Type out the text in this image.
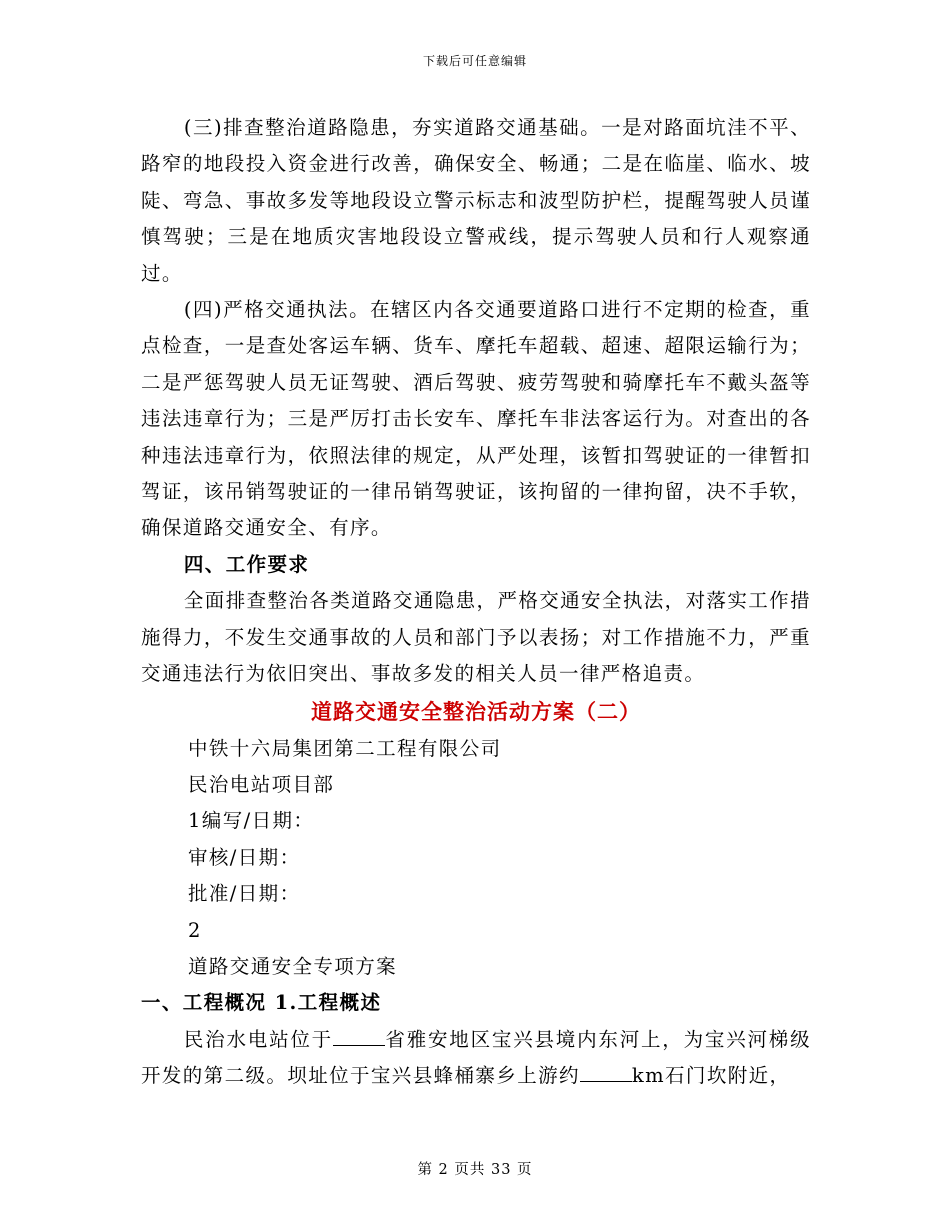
下载后可任意编辑

(三)排查整治道路隐患，夯实道路交通基础。一是对路面坑洼不平、路窄的地段投入资金进行改善，确保安全、畅通；二是在临崖、临水、坡陡、弯急、事故多发等地段设立警示标志和波型防护栏，提醒驾驶人员谨慎驾驶；三是在地质灾害地段设立警戒线，提示驾驶人员和行人观察通过。

(四)严格交通执法。在辖区内各交通要道路口进行不定期的检查，重点检查，一是查处客运车辆、货车、摩托车超载、超速、超限运输行为；二是严惩驾驶人员无证驾驶、酒后驾驶、疲劳驾驶和骑摩托车不戴头盔等违法违章行为；三是严厉打击长安车、摩托车非法客运行为。对查出的各种违法违章行为，依照法律的规定，从严处理，该暂扣驾驶证的一律暂扣驾证，该吊销驾驶证的一律吊销驾驶证，该拘留的一律拘留，决不手软，确保道路交通安全、有序。

四、工作要求

全面排查整治各类道路交通隐患，严格交通安全执法，对落实工作措施得力，不发生交通事故的人员和部门予以表扬；对工作措施不力，严重交通违法行为依旧突出、事故多发的相关人员一律严格追责。

道路交通安全整治活动方案（二）

中铁十六局集团第二工程有限公司

民治电站项目部

1编写/日期：

审核/日期：

批准/日期：

2

道路交通安全专项方案

一、工程概况 1.工程概述

民治水电站位于	省雅安地区宝兴县境内东河上，为宝兴河梯级开发的第二级。坝址位于宝兴县蜂桶寨乡上游约	km石门坎附近，

第 2 页共 33 页
